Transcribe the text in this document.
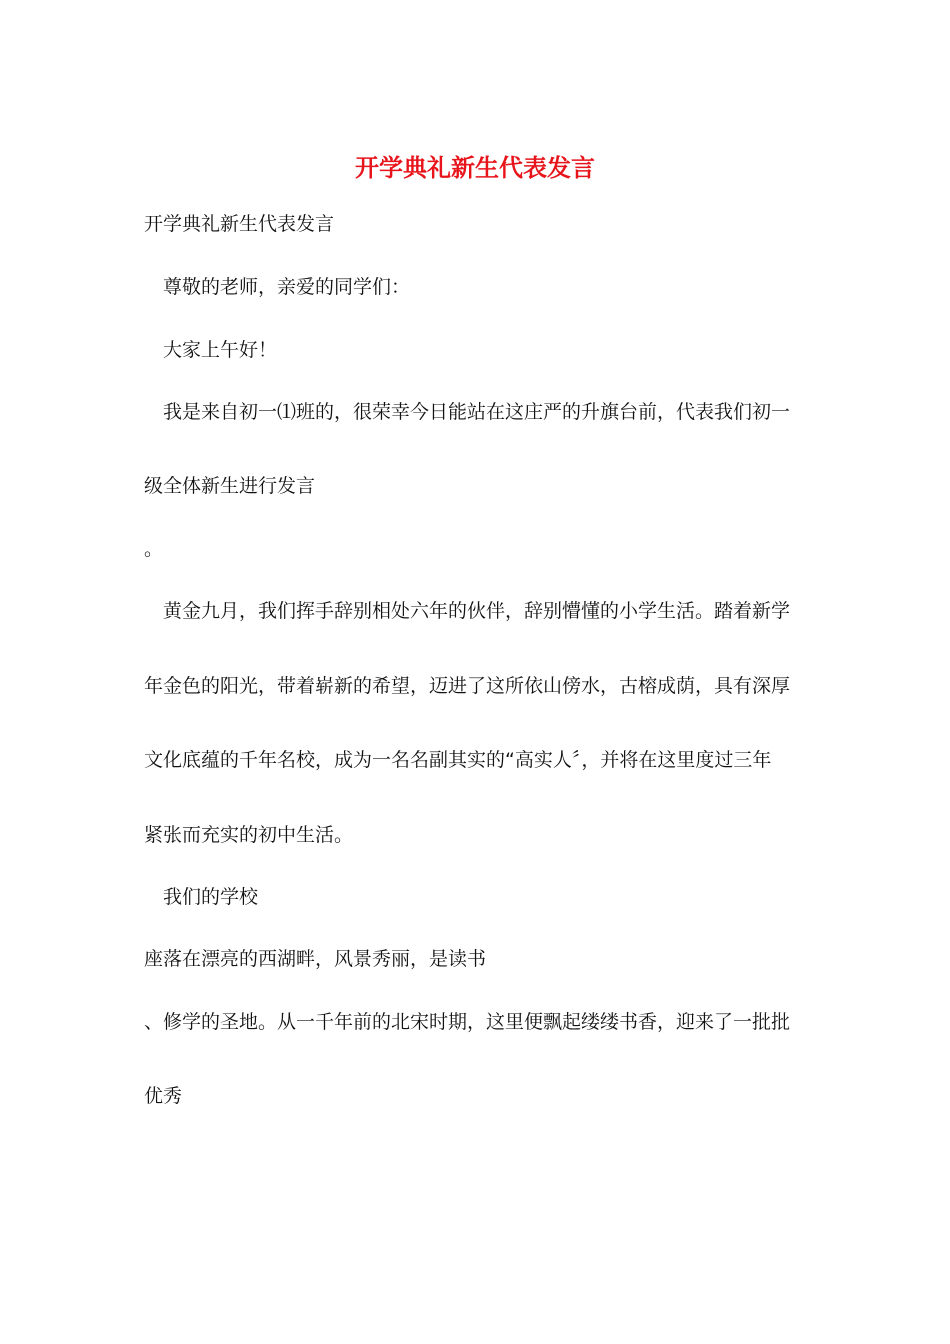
开学典礼新生代表发言
开学典礼新生代表发言
尊敬的老师，亲爱的同学们：
大家上午好！
我是来自初一⑴班的，很荣幸今日能站在这庄严的升旗台前，代表我们初一
级全体新生进行发言
。
黄金九月，我们挥手辞别相处六年的伙伴，辞别懵懂的小学生活。踏着新学
年金色的阳光，带着崭新的希望，迈进了这所依山傍水，古榕成荫，具有深厚
文化底蕴的千年名校，成为一名名副其实的“高实人〞，并将在这里度过三年
紧张而充实的初中生活。
我们的学校
座落在漂亮的西湖畔，风景秀丽，是读书
、修学的圣地。从一千年前的北宋时期，这里便飘起缕缕书香，迎来了一批批
优秀
